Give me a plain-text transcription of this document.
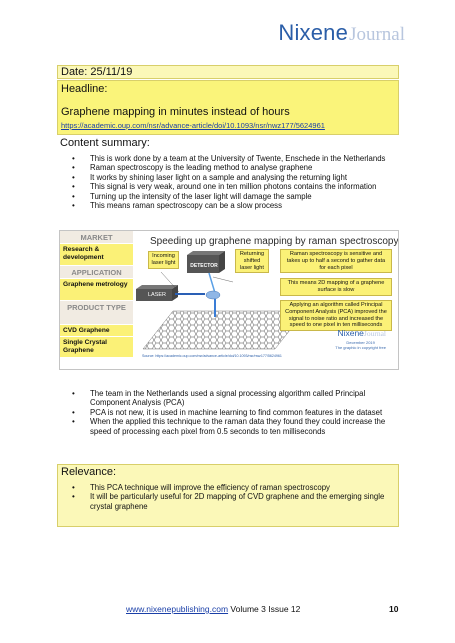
NixeneJournal
Date: 25/11/19
Headline:
Graphene mapping in minutes instead of hours
https://academic.oup.com/nsr/advance-article/doi/10.1093/nsr/nwz177/5624961
Content summary:
• This is work done by a team at the University of Twente, Enschede in the Netherlands
• Raman spectroscopy is the leading method to analyse graphene
• It works by shining laser light on a sample and analysing the returning light
• This signal is very weak, around one in ten million photons contains the information
• Turning up the intensity of the laser light will damage the sample
• This means raman spectroscopy can be a slow process
MARKET
Research & development
APPLICATION
Graphene metrology
PRODUCT TYPE
CVD Graphene
Single Crystal Graphene
Speeding up graphene mapping by raman spectroscopy
Incoming laser light
DETECTOR
LASER
Returning shifted laser light
Raman spectroscopy is sensitive and takes up to half a second to gather data for each pixel
This means 2D mapping of a graphene surface is slow
Applying an algorithm called Principal Component Analysis (PCA) improved the signal to noise ratio and increased the speed to one pixel in ten milliseconds
NixeneJournal
December 2019
The graphic in copyright free
Source: https://academic.oup.com/nsr/advance-article/doi/10.1093/nsr/nwz177/5624961
• The team in the Netherlands used a signal processing algorithm called Principal Component Analysis (PCA)
• PCA is not new, it is used in machine learning to find common features in the dataset
• When the applied this technique to the raman data they found they could increase the speed of processing each pixel from 0.5 seconds to ten milliseconds
Relevance:
• This PCA technique will improve the efficiency of raman spectroscopy
• It will be particularly useful for 2D mapping of CVD graphene and the emerging single crystal graphene
www.nixenepublishing.com Volume 3 Issue 12	10
